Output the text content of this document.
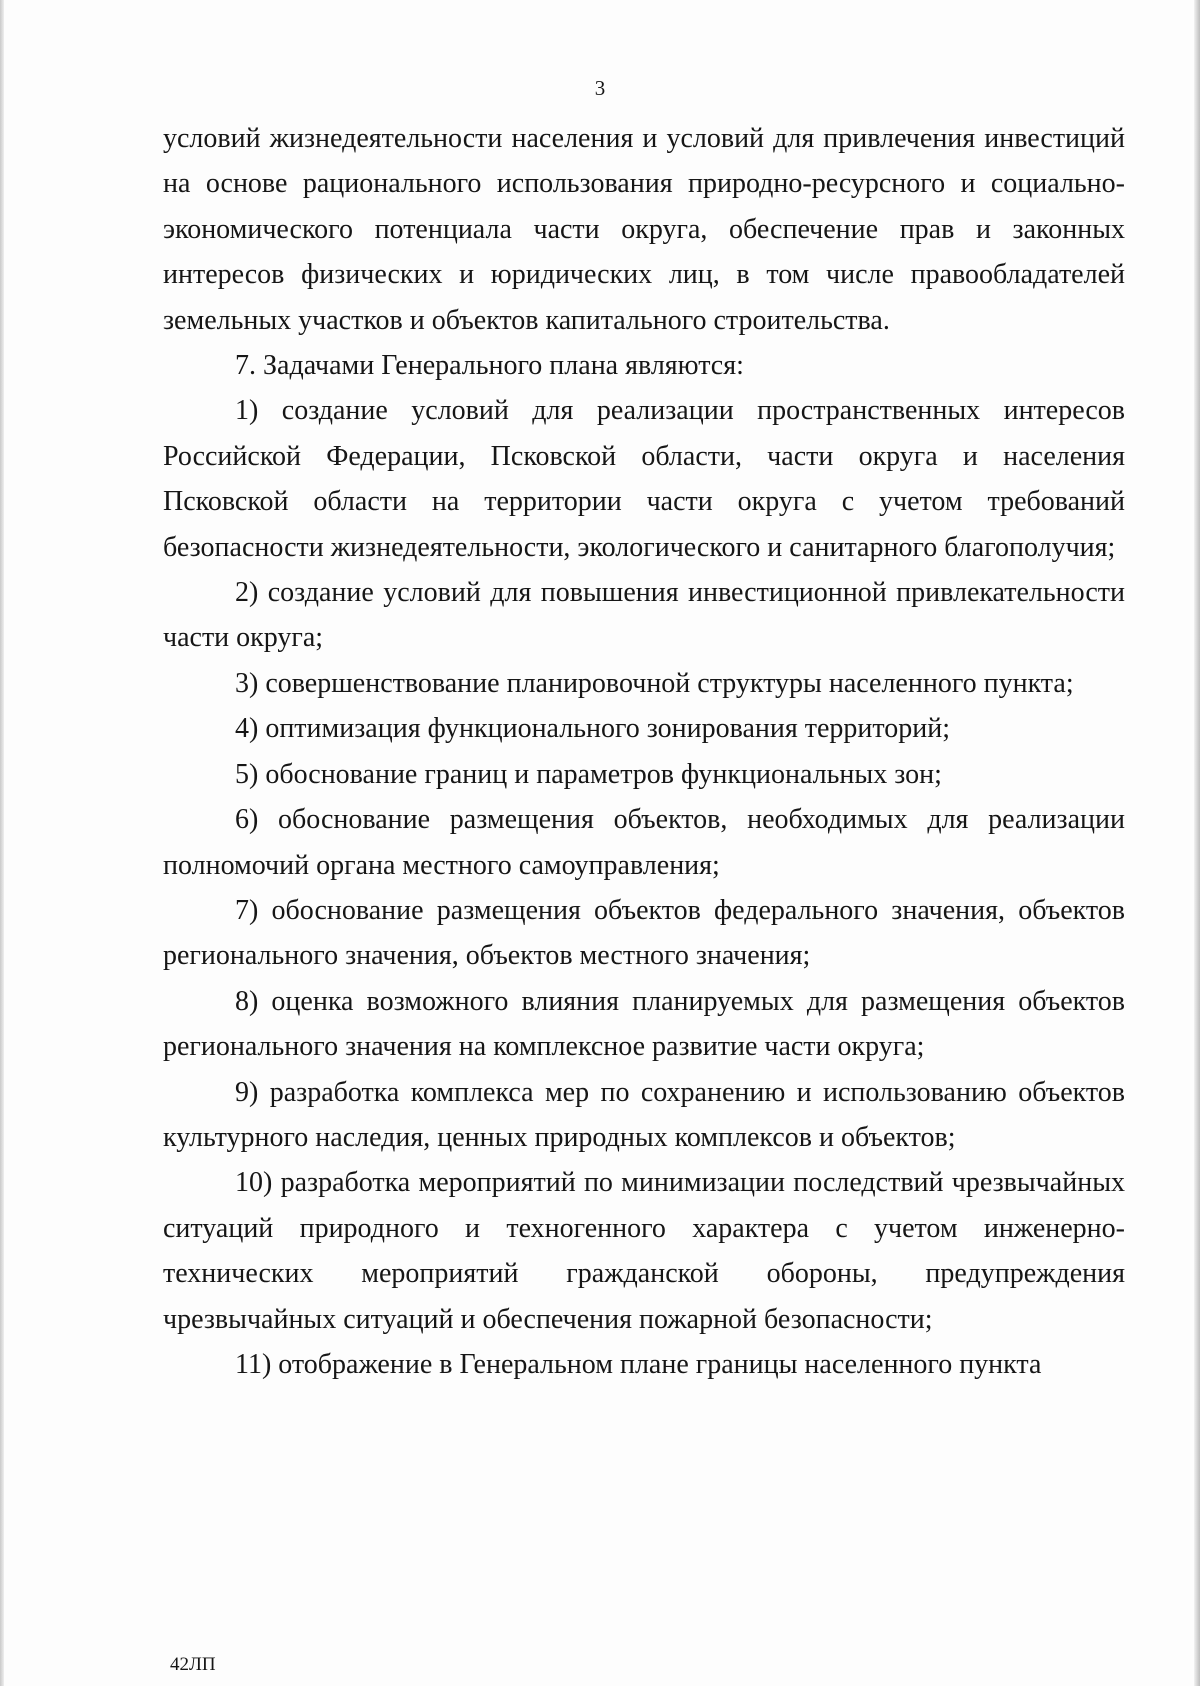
3

условий жизнедеятельности населения и условий для привлечения инвестиций на основе рационального использования природно-ресурсного и социально-экономического потенциала части округа, обеспечение прав и законных интересов физических и юридических лиц, в том числе правообладателей земельных участков и объектов капитального строительства.

7. Задачами Генерального плана являются:

1) создание условий для реализации пространственных интересов Российской Федерации, Псковской области, части округа и населения Псковской области на территории части округа с учетом требований безопасности жизнедеятельности, экологического и санитарного благополучия;

2) создание условий для повышения инвестиционной привлекательности части округа;

3) совершенствование планировочной структуры населенного пункта;

4) оптимизация функционального зонирования территорий;

5) обоснование границ и параметров функциональных зон;

6) обоснование размещения объектов, необходимых для реализации полномочий органа местного самоуправления;

7) обоснование размещения объектов федерального значения, объектов регионального значения, объектов местного значения;

8) оценка возможного влияния планируемых для размещения объектов регионального значения на комплексное развитие части округа;

9) разработка комплекса мер по сохранению и использованию объектов культурного наследия, ценных природных комплексов и объектов;

10) разработка мероприятий по минимизации последствий чрезвычайных ситуаций природного и техногенного характера с учетом инженерно-технических мероприятий гражданской обороны, предупреждения чрезвычайных ситуаций и обеспечения пожарной безопасности;

11) отображение в Генеральном плане границы населенного пункта

42ЛП
